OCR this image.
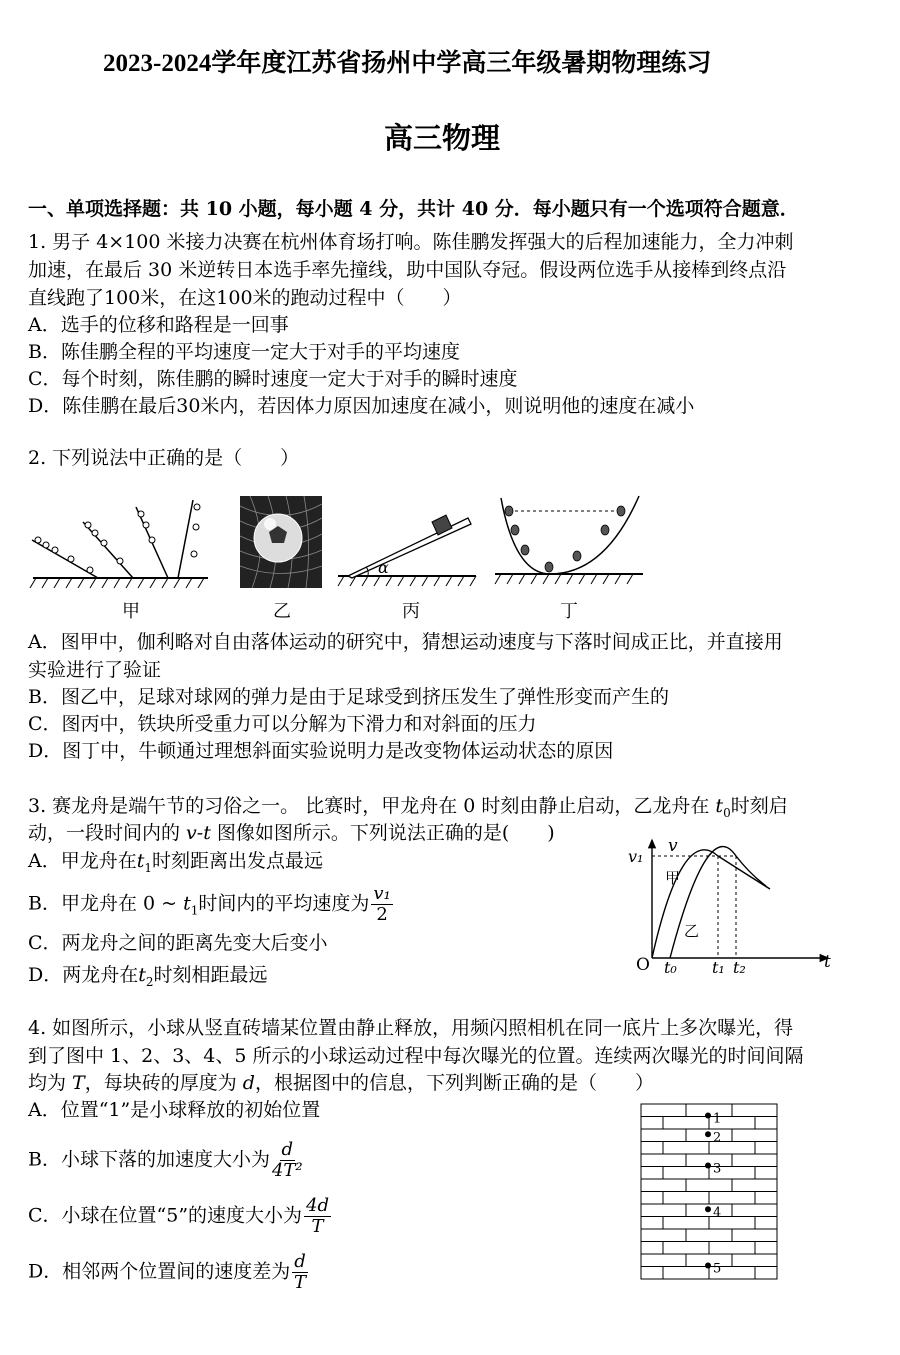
2023-2024学年度江苏省扬州中学高三年级暑期物理练习
高三物理
一、单项选择题：共 10 小题，每小题 4 分，共计 40 分．每小题只有一个选项符合题意．
1. 男子 4×100 米接力决赛在杭州体育场打响。陈佳鹏发挥强大的后程加速能力，全力冲刺
加速，在最后 30 米逆转日本选手率先撞线，助中国队夺冠。假设两位选手从接棒到终点沿
直线跑了100米，在这100米的跑动过程中（　　）
A．选手的位移和路程是一回事
B．陈佳鹏全程的平均速度一定大于对手的平均速度
C．每个时刻，陈佳鹏的瞬时速度一定大于对手的瞬时速度
D．陈佳鹏在最后30米内，若因体力原因加速度在减小，则说明他的速度在减小
2. 下列说法中正确的是（　　）
甲	乙
α
丙	丁
A．图甲中，伽利略对自由落体运动的研究中，猜想运动速度与下落时间成正比，并直接用
实验进行了验证
B．图乙中，足球对球网的弹力是由于足球受到挤压发生了弹性形变而产生的
C．图丙中，铁块所受重力可以分解为下滑力和对斜面的压力
D．图丁中，牛顿通过理想斜面实验说明力是改变物体运动状态的原因
3. 赛龙舟是端午节的习俗之一。 比赛时，甲龙舟在 0 时刻由静止启动，乙龙舟在 $t_0$时刻启
动，一段时间内的 v-t 图像如图所示。下列说法正确的是(　　)
A．甲龙舟在$t_1$时刻距离出发点最远
B．甲龙舟在 0 ~ $t_1$时间内的平均速度为 $\frac{\text{v₁}}{2}$
C．两龙舟之间的距离先变大后变小
D．两龙舟在$t_2$时刻相距最远
v
v₁
甲
乙
O t₀ t₁ t₂	t
4. 如图所示，小球从竖直砖墙某位置由静止释放，用频闪照相机在同一底片上多次曝光，得
到了图中 1、2、3、4、5 所示的小球运动过程中每次曝光的位置。连续两次曝光的时间间隔
均为 T，每块砖的厚度为 d，根据图中的信息，下列判断正确的是（　　）
A．位置“1”是小球释放的初始位置
B．小球下落的加速度大小为 $\frac{d}{\text{4T²}}$
C．小球在位置“5”的速度大小为 $\frac{4d}{T}$
D．相邻两个位置间的速度差为 $\frac{d}{T}$
1
2
3
4
5
